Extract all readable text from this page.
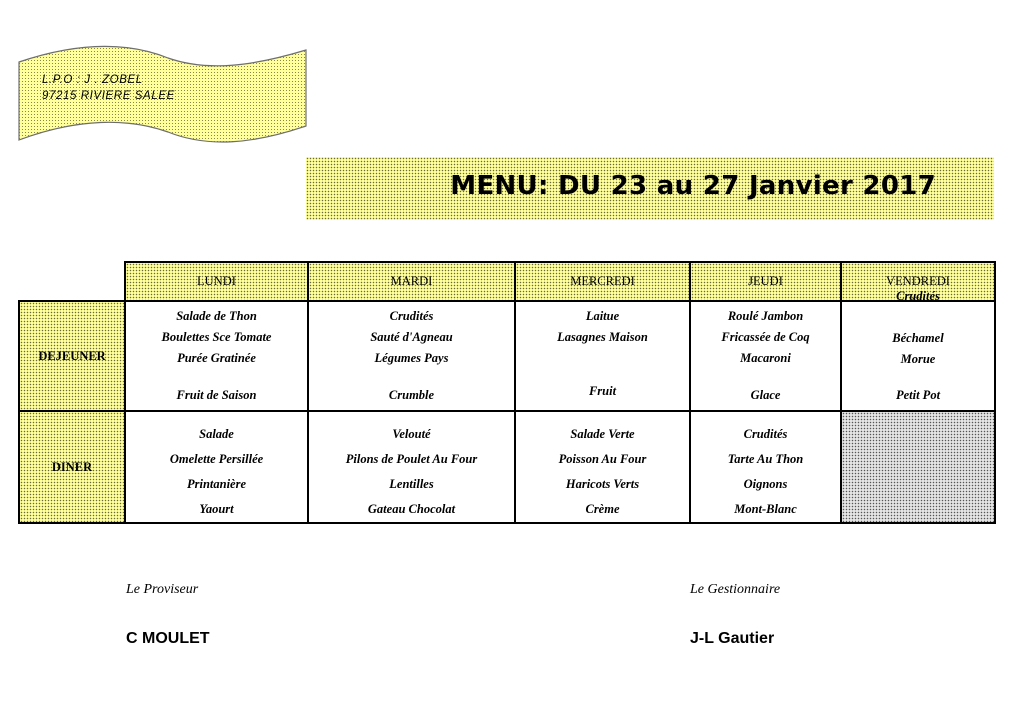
L.P.O : J . ZOBEL
97215 RIVIERE SALEE
MENU: DU 23 au 27 Janvier 2017
	LUNDI	MARDI	MERCREDI	JEUDI	VENDREDI
DEJEUNER	Salade de Thon
Boulettes Sce Tomate
Purée Gratinée
Fruit de Saison	Crudités
Sauté d'Agneau
Légumes Pays
Crumble	Laitue
Lasagnes Maison
Fruit	Roulé Jambon
Fricassée de Coq
Macaroni
Glace	Crudités
Béchamel
Morue
Petit Pot

DINER	Salade
Omelette Persillée
Printanière
Yaourt	Velouté
Pilons de Poulet Au Four
Lentilles
Gateau Chocolat	Salade Verte
Poisson Au Four
Haricots Verts
Crème	Crudités
Tarte Au Thon
Oignons
Mont-Blanc	

Le Proviseur
C MOULET
Le Gestionnaire
J-L Gautier
